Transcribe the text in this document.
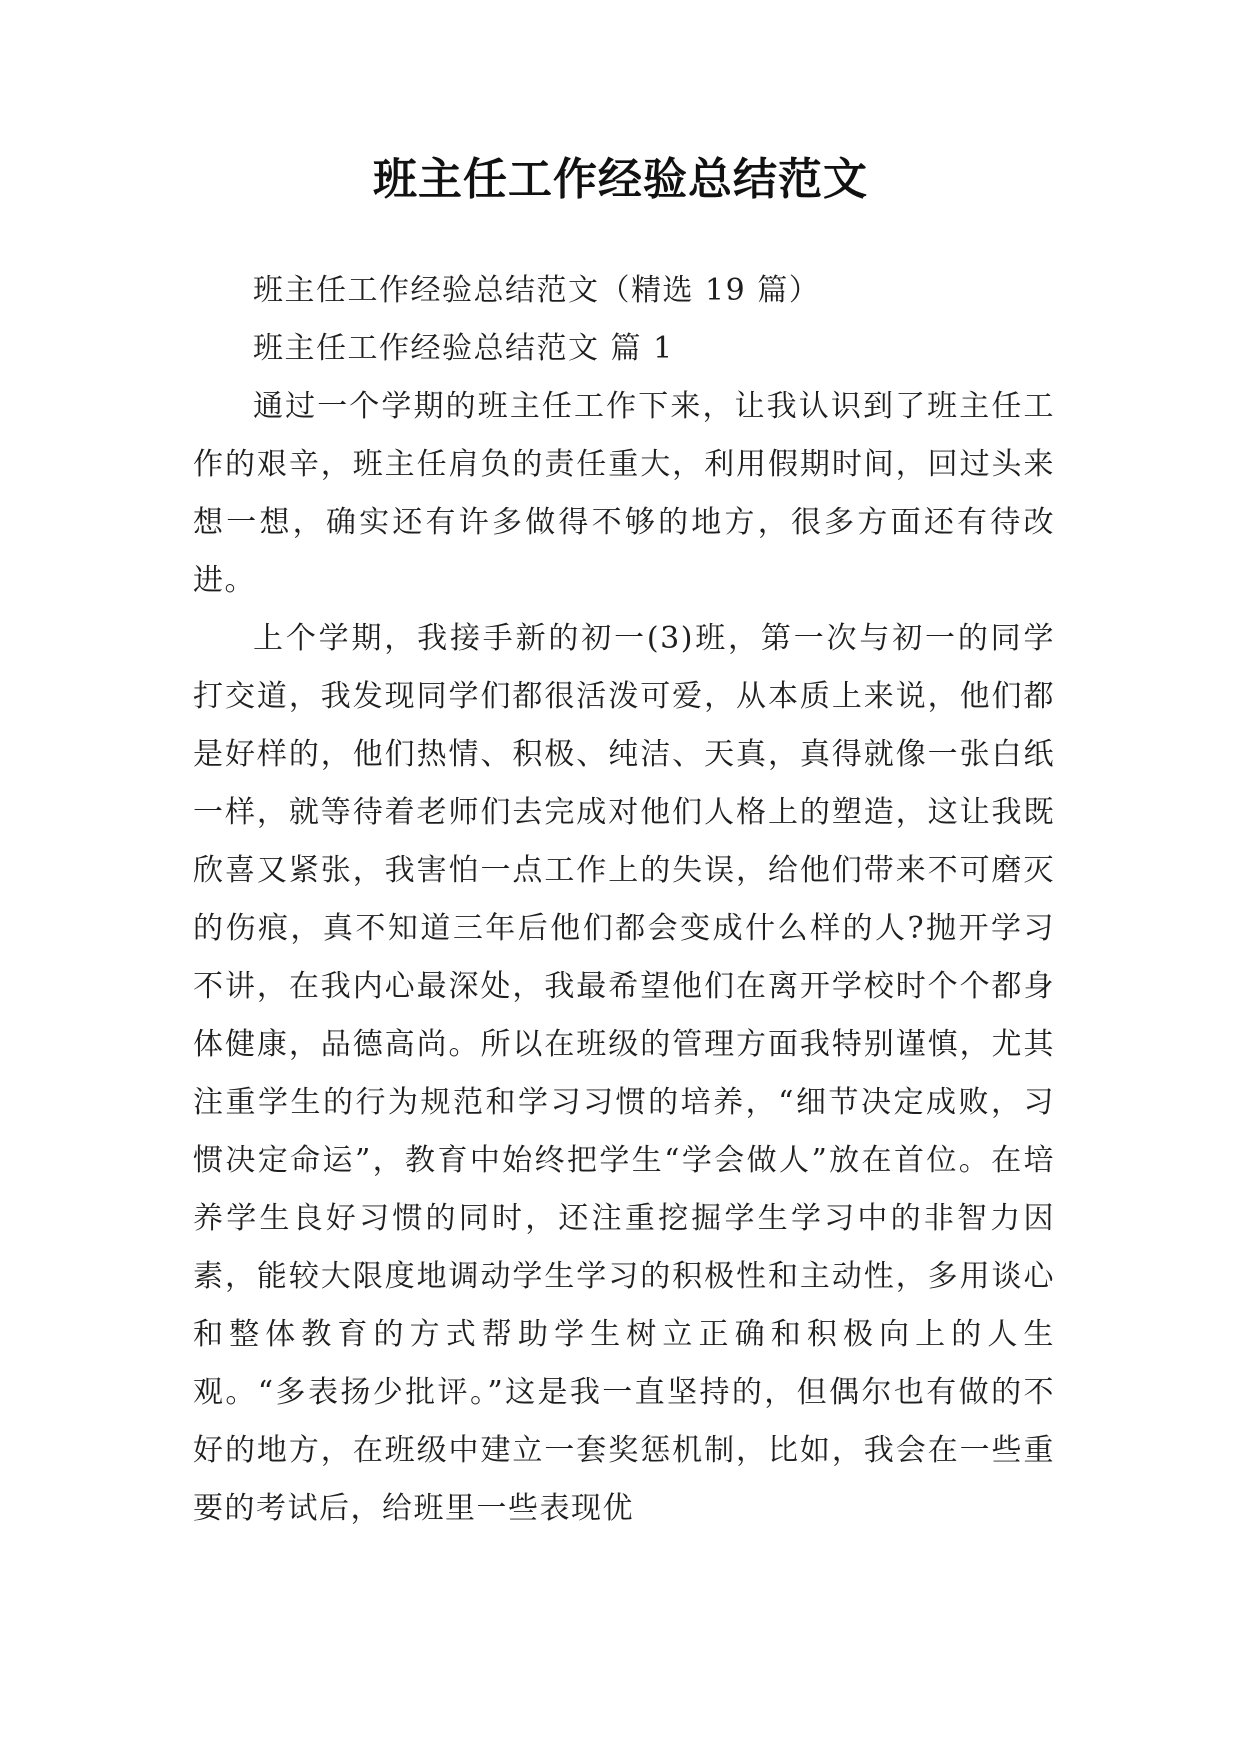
班主任工作经验总结范文

班主任工作经验总结范文（精选 19 篇）

班主任工作经验总结范文 篇 1

通过一个学期的班主任工作下来，让我认识到了班主任工作的艰辛，班主任肩负的责任重大，利用假期时间，回过头来想一想，确实还有许多做得不够的地方，很多方面还有待改进。

上个学期，我接手新的初一(3)班，第一次与初一的同学打交道，我发现同学们都很活泼可爱，从本质上来说，他们都是好样的，他们热情、积极、纯洁、天真，真得就像一张白纸一样，就等待着老师们去完成对他们人格上的塑造，这让我既欣喜又紧张，我害怕一点工作上的失误，给他们带来不可磨灭的伤痕，真不知道三年后他们都会变成什么样的人?抛开学习不讲，在我内心最深处，我最希望他们在离开学校时个个都身体健康，品德高尚。所以在班级的管理方面我特别谨慎，尤其注重学生的行为规范和学习习惯的培养，“细节决定成败，习惯决定命运”，教育中始终把学生“学会做人”放在首位。在培养学生良好习惯的同时，还注重挖掘学生学习中的非智力因素，能较大限度地调动学生学习的积极性和主动性，多用谈心和整体教育的方式帮助学生树立正确和积极向上的人生观。“多表扬少批评。”这是我一直坚持的，但偶尔也有做的不好的地方，在班级中建立一套奖惩机制，比如，我会在一些重要的考试后，给班里一些表现优
